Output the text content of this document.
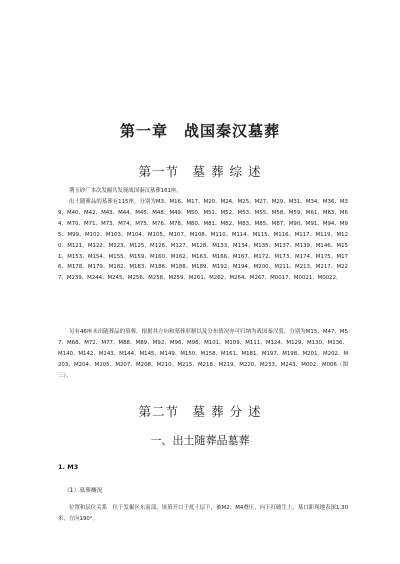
第一章　战国秦汉墓葬
第一节　墓 葬 综 述
荆玉砂厂本次发掘共发现战国秦汉墓葬161座。
出土随葬品的墓葬有115座，分别为M3、M16、M17、M20、M24、M25、M27、M29、M31、M34、M36、M39、M40、M42、M43、M44、M45、M48、M49、M50、M51、M52、M53、M55、M58、M59、M61、M63、M64、M70、M71、M73、M74、M75、M76、M78、M80、M81、M82、M83、M85、M87、M90、M91、M94、M95、M99、M102、M103、M104、M105、M107、M108、M110、M114、M115、M116、M117、M119、M120、M121、M122、M123、M125、M126、M127、M128、M133、M134、M135、M137、M139、M146、M151、M153、M154、M155、M159、M160、M162、M163、M166、M167、M172、M173、M174、M175、M176、M178、M179、M182、M183、M186、M188、M189、M192、M194、M200、M211、M213、M217、M227、M239、M244、M245、M256、M258、M259、M261、M262、M264、M267、M0017、M0021、M0022。
另有46座未出随葬品的墓葬，根据其方向和墓葬形制以及分布情况亦可归纳为战国秦汉墓，分别为M15、M47、M57、M68、M72、M77、M88、M89、M92、M96、M98、M101、M109、M111、M124、M129、M130、M136、M140、M142、M143、M144、M145、M149、M150、M158、M161、M181、M197、M198、M201、M202、M203、M204、M205、M207、M208、M210、M215、M218、M219、M220、M233、M243、M002、M006（图三）。
第二节　墓 葬 分 述
一、出土随葬品墓葬
1. M3
（1）墓葬概况
位置和层位关系　位于发掘区东南部，该墓开口于扰土层下，被M2、M4叠压，向下打破生土，墓口距现地表深1.30米，方向190°。
